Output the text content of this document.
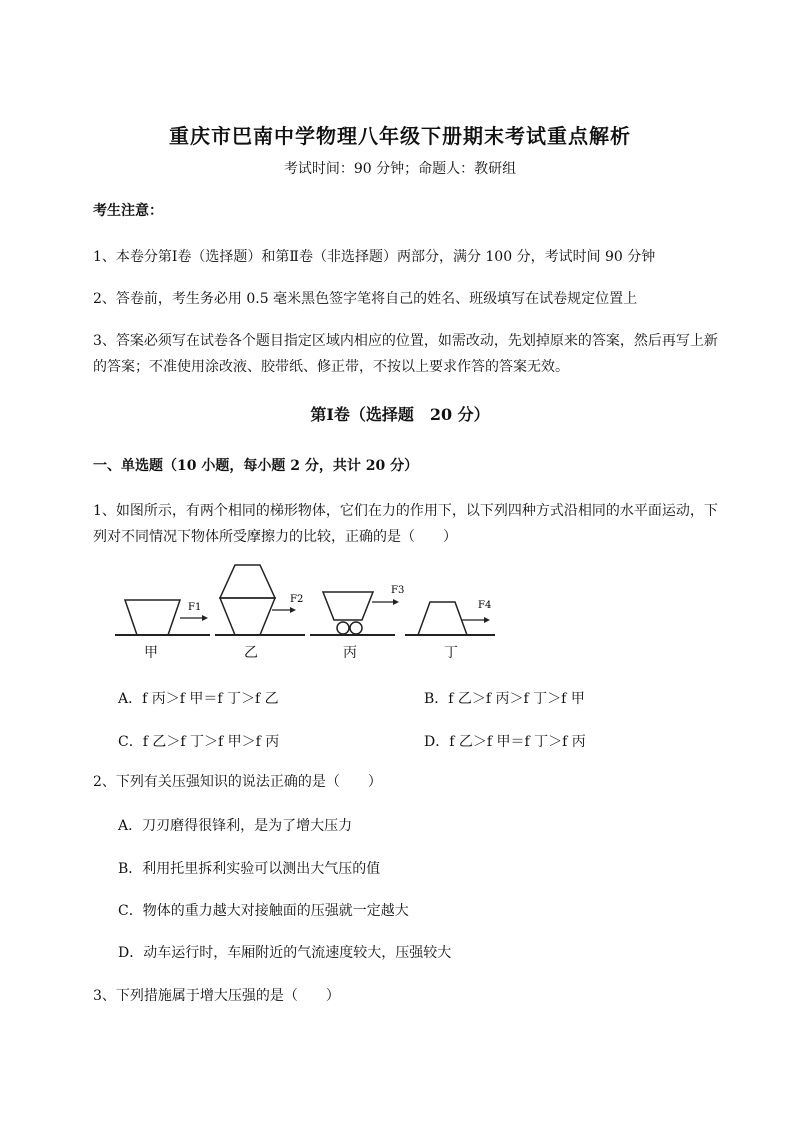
重庆市巴南中学物理八年级下册期末考试重点解析
考试时间：90 分钟；命题人：教研组
考生注意：
1、本卷分第Ⅰ卷（选择题）和第Ⅱ卷（非选择题）两部分，满分 100 分，考试时间 90 分钟
2、答卷前，考生务必用 0.5 毫米黑色签字笔将自己的姓名、班级填写在试卷规定位置上
3、答案必须写在试卷各个题目指定区域内相应的位置，如需改动，先划掉原来的答案，然后再写上新
的答案；不准使用涂改液、胶带纸、修正带，不按以上要求作答的答案无效。
第Ⅰ卷（选择题　20 分）
一、单选题（10 小题，每小题 2 分，共计 20 分）
1、如图所示，有两个相同的梯形物体，它们在力的作用下，以下列四种方式沿相同的水平面运动，下
列对不同情况下物体所受摩擦力的比较，正确的是（　　）
F1
F2
F3
F4
甲	乙	丙	丁
A．f 丙＞f 甲＝f 丁＞f 乙	B．f 乙＞f 丙＞f 丁＞f 甲
C．f 乙＞f 丁＞f 甲＞f 丙	D．f 乙＞f 甲＝f 丁＞f 丙
2、下列有关压强知识的说法正确的是（　　）
A．刀刃磨得很锋利，是为了增大压力
B．利用托里拆利实验可以测出大气压的值
C．物体的重力越大对接触面的压强就一定越大
D．动车运行时，车厢附近的气流速度较大，压强较大
3、下列措施属于增大压强的是（　　）
